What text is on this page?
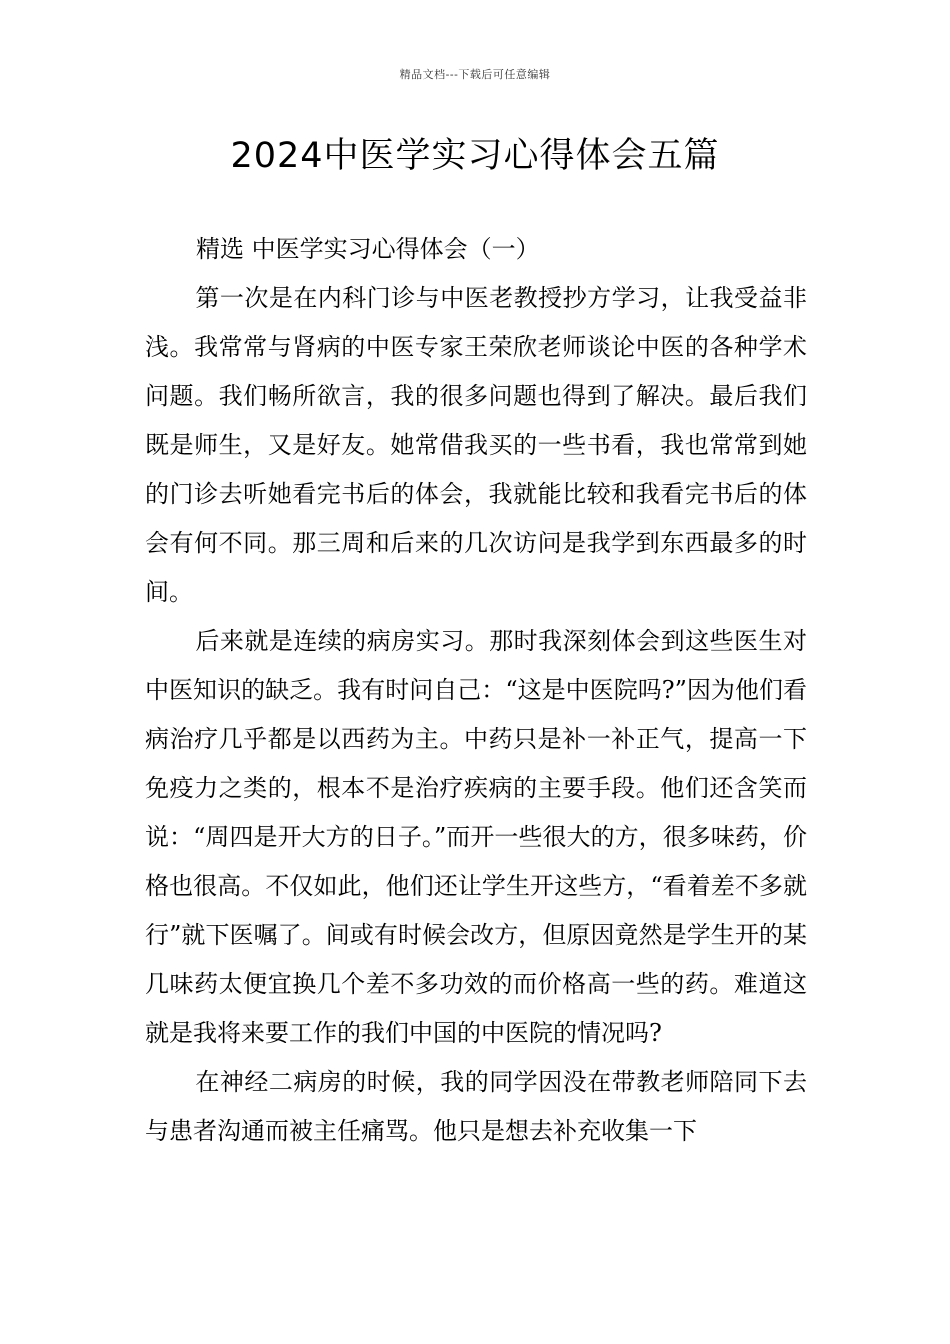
精品文档---下载后可任意编辑
2024中医学实习心得体会五篇

精选 中医学实习心得体会（一）

第一次是在内科门诊与中医老教授抄方学习，让我受益非浅。我常常与肾病的中医专家王荣欣老师谈论中医的各种学术问题。我们畅所欲言，我的很多问题也得到了解决。最后我们既是师生，又是好友。她常借我买的一些书看，我也常常到她的门诊去听她看完书后的体会，我就能比较和我看完书后的体会有何不同。那三周和后来的几次访问是我学到东西最多的时间。

后来就是连续的病房实习。那时我深刻体会到这些医生对中医知识的缺乏。我有时问自己：“这是中医院吗?”因为他们看病治疗几乎都是以西药为主。中药只是补一补正气，提高一下免疫力之类的，根本不是治疗疾病的主要手段。他们还含笑而说：“周四是开大方的日子。”而开一些很大的方，很多味药，价格也很高。不仅如此，他们还让学生开这些方，“看着差不多就行”就下医嘱了。间或有时候会改方，但原因竟然是学生开的某几味药太便宜换几个差不多功效的而价格高一些的药。难道这就是我将来要工作的我们中国的中医院的情况吗?

在神经二病房的时候，我的同学因没在带教老师陪同下去与患者沟通而被主任痛骂。他只是想去补充收集一下
